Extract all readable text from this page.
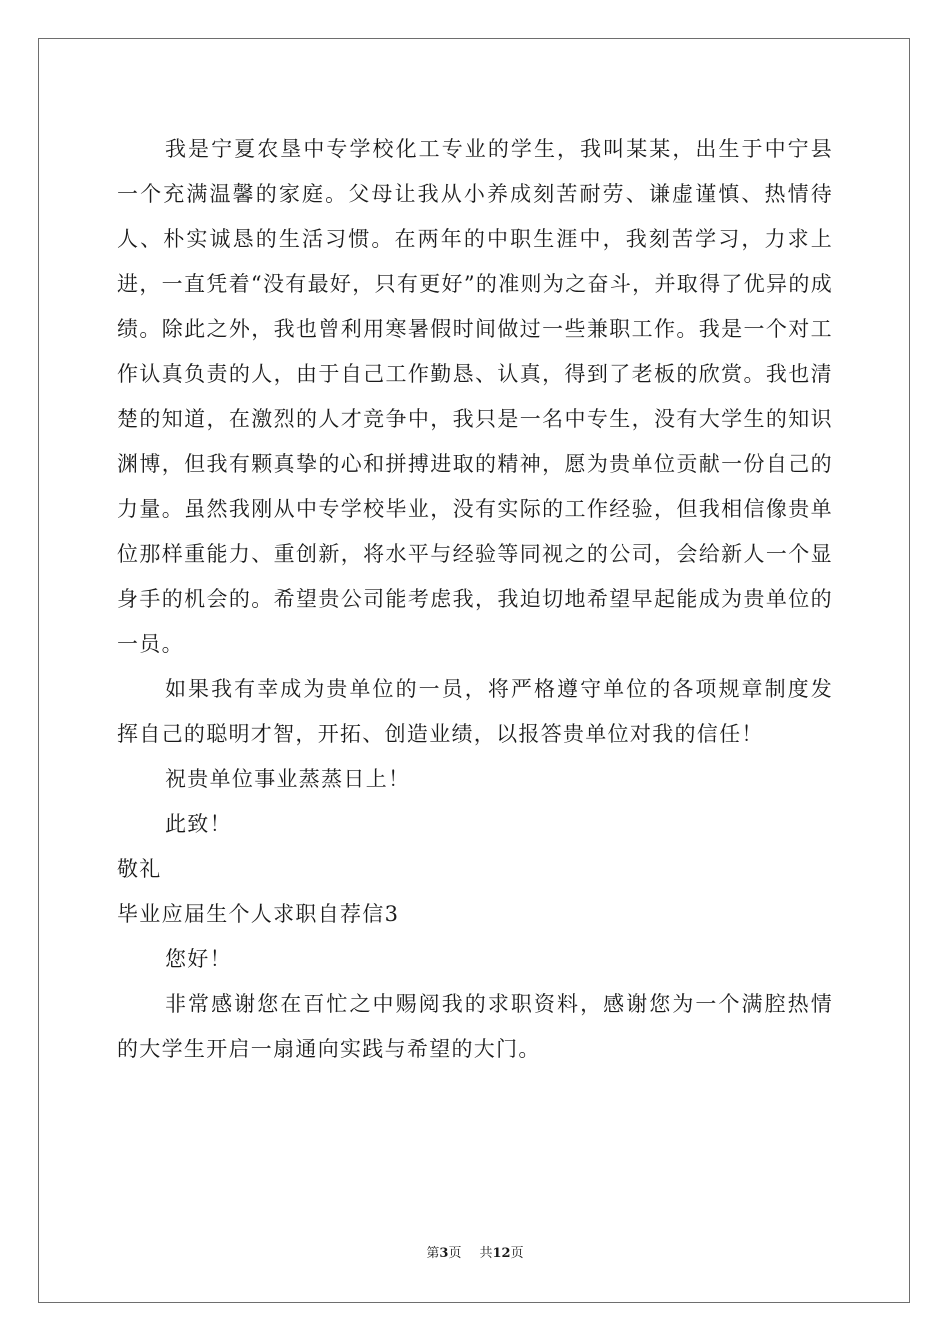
我是宁夏农垦中专学校化工专业的学生，我叫某某，出生于中宁县一个充满温馨的家庭。父母让我从小养成刻苦耐劳、谦虚谨慎、热情待人、朴实诚恳的生活习惯。在两年的中职生涯中，我刻苦学习，力求上进，一直凭着“没有最好，只有更好”的准则为之奋斗，并取得了优异的成绩。除此之外，我也曾利用寒暑假时间做过一些兼职工作。我是一个对工作认真负责的人，由于自己工作勤恳、认真，得到了老板的欣赏。我也清楚的知道，在激烈的人才竞争中，我只是一名中专生，没有大学生的知识渊博，但我有颗真挚的心和拼搏进取的精神，愿为贵单位贡献一份自己的力量。虽然我刚从中专学校毕业，没有实际的工作经验，但我相信像贵单位那样重能力、重创新，将水平与经验等同视之的公司，会给新人一个显身手的机会的。希望贵公司能考虑我，我迫切地希望早起能成为贵单位的一员。

如果我有幸成为贵单位的一员，将严格遵守单位的各项规章制度发挥自己的聪明才智，开拓、创造业绩，以报答贵单位对我的信任！

祝贵单位事业蒸蒸日上！

此致！

敬礼

毕业应届生个人求职自荐信3

您好！

非常感谢您在百忙之中赐阅我的求职资料，感谢您为一个满腔热情的大学生开启一扇通向实践与希望的大门。

第3页 共12页
